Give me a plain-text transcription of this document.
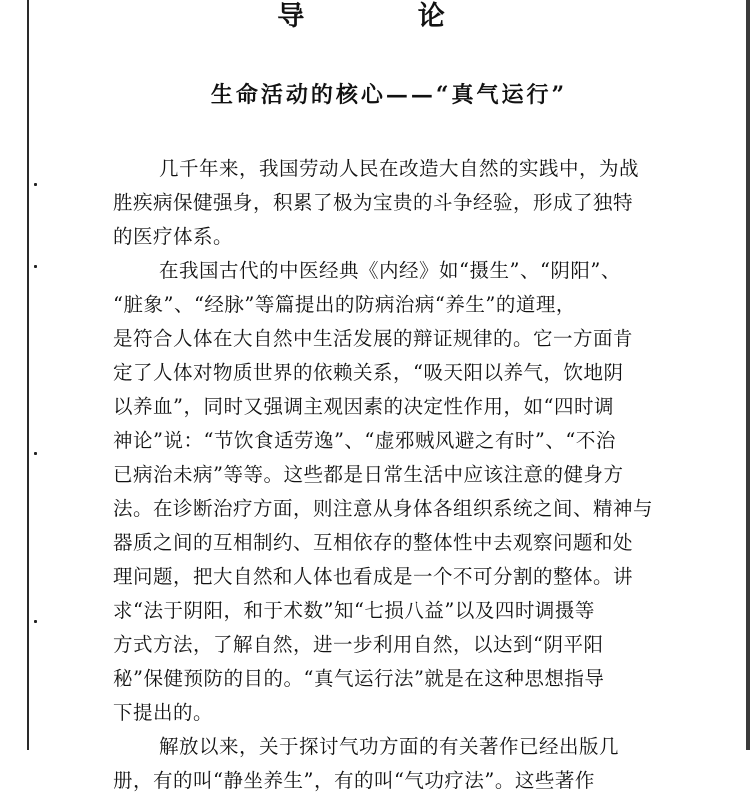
导 论
生命活动的核心——“真气运行”
几千年来，我国劳动人民在改造大自然的实践中，为战
胜疾病保健强身，积累了极为宝贵的斗争经验，形成了独特
的医疗体系。
在我国古代的中医经典《内经》如“摄生”、“阴阳”、
“脏象”、“经脉”等篇提出的防病治病“养生”的道理，
是符合人体在大自然中生活发展的辩证规律的。它一方面肯
定了人体对物质世界的依赖关系，“吸天阳以养气，饮地阴
以养血”，同时又强调主观因素的决定性作用，如“四时调
神论”说：“节饮食适劳逸”、“虚邪贼风避之有时”、“不治
已病治未病”等等。这些都是日常生活中应该注意的健身方
法。在诊断治疗方面，则注意从身体各组织系统之间、精神与
器质之间的互相制约、互相依存的整体性中去观察问题和处
理问题，把大自然和人体也看成是一个不可分割的整体。讲
求“法于阴阳，和于术数”知“七损八益”以及四时调摄等
方式方法，了解自然，进一步利用自然，以达到“阴平阳
秘”保健预防的目的。“真气运行法”就是在这种思想指导
下提出的。
解放以来，关于探讨气功方面的有关著作已经出版几
册，有的叫“静坐养生”，有的叫“气功疗法”。这些著作
